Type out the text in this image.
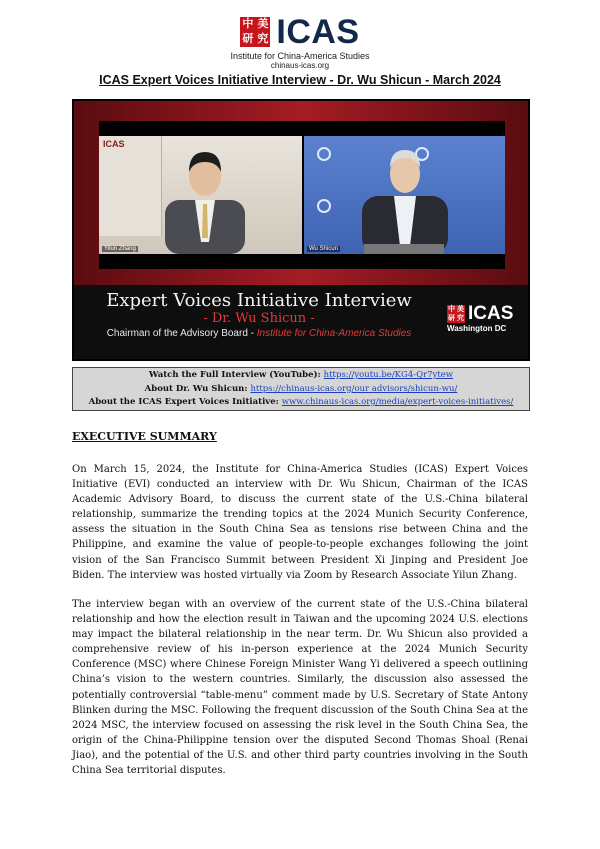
中 美
研 究 ICAS
Institute for China-America Studies
chinaus-icas.org
ICAS Expert Voices Initiative Interview - Dr. Wu Shicun - March 2024
ICAS
Yilun Zhang	Wu Shicun
Expert Voices Initiative Interview
- Dr. Wu Shicun -
Chairman of the Advisory Board - Institute for China-America Studies
中 美
研 究 ICAS
Washington DC
Watch the Full Interview (YouTube): https://youtu.be/KG4-Qr7ytew
About Dr. Wu Shicun: https://chinaus-icas.org/our advisors/shicun-wu/
About the ICAS Expert Voices Initiative: www.chinaus-icas.org/media/expert-voices-initiatives/
EXECUTIVE SUMMARY
On March 15, 2024, the Institute for China-America Studies (ICAS) Expert Voices Initiative (EVI) conducted an interview with Dr. Wu Shicun, Chairman of the ICAS Academic Advisory Board, to discuss the current state of the U.S.-China bilateral relationship, summarize the trending topics at the 2024 Munich Security Conference, assess the situation in the South China Sea as tensions rise between China and the Philippine, and examine the value of people-to-people exchanges following the joint vision of the San Francisco Summit between President Xi Jinping and President Joe Biden. The interview was hosted virtually via Zoom by Research Associate Yilun Zhang.
The interview began with an overview of the current state of the U.S.-China bilateral relationship and how the election result in Taiwan and the upcoming 2024 U.S. elections may impact the bilateral relationship in the near term. Dr. Wu Shicun also provided a comprehensive review of his in-person experience at the 2024 Munich Security Conference (MSC) where Chinese Foreign Minister Wang Yi delivered a speech outlining China’s vision to the western countries. Similarly, the discussion also assessed the potentially controversial “table-menu” comment made by U.S. Secretary of State Antony Blinken during the MSC. Following the frequent discussion of the South China Sea at the 2024 MSC, the interview focused on assessing the risk level in the South China Sea, the origin of the China-Philippine tension over the disputed Second Thomas Shoal (Renai Jiao), and the potential of the U.S. and other third party countries involving in the South China Sea territorial disputes.
